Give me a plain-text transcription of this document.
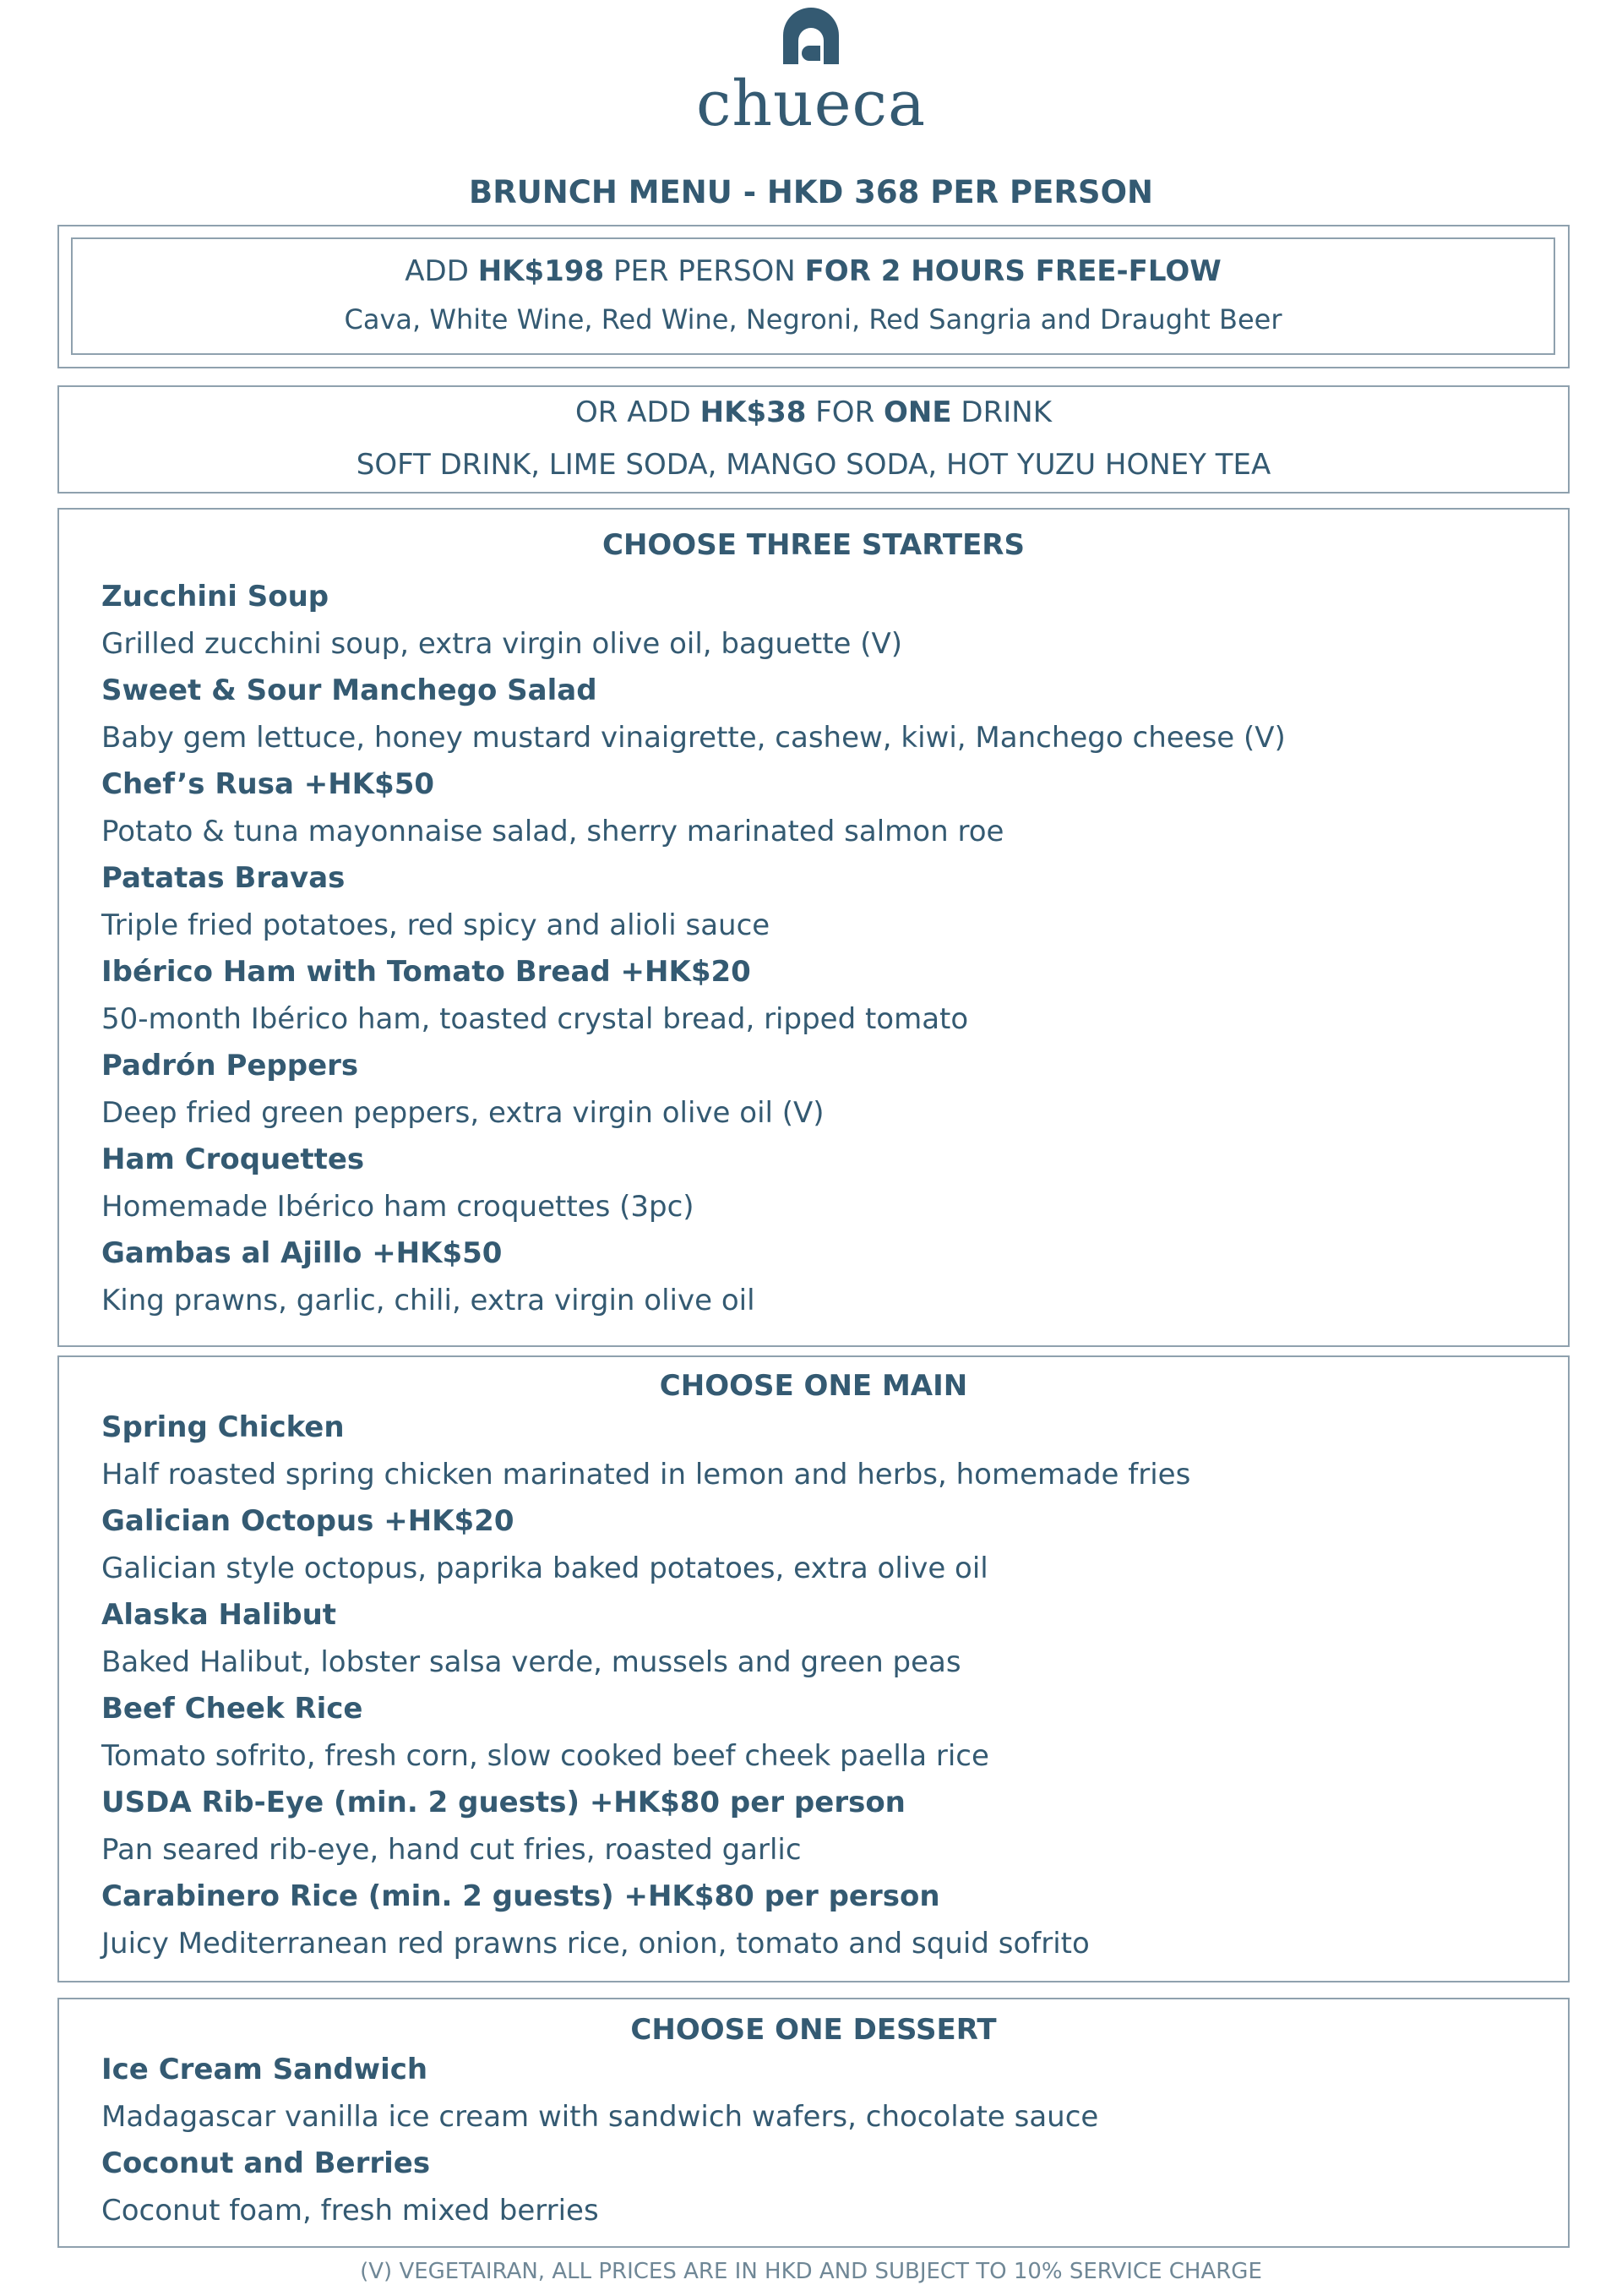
chueca
BRUNCH MENU - HKD 368 PER PERSON
ADD HK$198 PER PERSON FOR 2 HOURS FREE-FLOW
Cava, White Wine, Red Wine, Negroni, Red Sangria and Draught Beer
OR ADD HK$38 FOR ONE DRINK
SOFT DRINK, LIME SODA, MANGO SODA, HOT YUZU HONEY TEA
CHOOSE THREE STARTERS
Zucchini Soup
Grilled zucchini soup, extra virgin olive oil, baguette (V)
Sweet & Sour Manchego Salad
Baby gem lettuce, honey mustard vinaigrette, cashew, kiwi, Manchego cheese (V)
Chef’s Rusa +HK$50
Potato & tuna mayonnaise salad, sherry marinated salmon roe
Patatas Bravas
Triple fried potatoes, red spicy and alioli sauce
Ibérico Ham with Tomato Bread +HK$20
50-month Ibérico ham, toasted crystal bread, ripped tomato
Padrón Peppers
Deep fried green peppers, extra virgin olive oil (V)
Ham Croquettes
Homemade Ibérico ham croquettes (3pc)
Gambas al Ajillo +HK$50
King prawns, garlic, chili, extra virgin olive oil
CHOOSE ONE MAIN
Spring Chicken
Half roasted spring chicken marinated in lemon and herbs, homemade fries
Galician Octopus +HK$20
Galician style octopus, paprika baked potatoes, extra olive oil
Alaska Halibut
Baked Halibut, lobster salsa verde, mussels and green peas
Beef Cheek Rice
Tomato sofrito, fresh corn, slow cooked beef cheek paella rice
USDA Rib-Eye (min. 2 guests) +HK$80 per person
Pan seared rib-eye, hand cut fries, roasted garlic
Carabinero Rice (min. 2 guests) +HK$80 per person
Juicy Mediterranean red prawns rice, onion, tomato and squid sofrito
CHOOSE ONE DESSERT
Ice Cream Sandwich
Madagascar vanilla ice cream with sandwich wafers, chocolate sauce
Coconut and Berries
Coconut foam, fresh mixed berries
(V) VEGETAIRAN, ALL PRICES ARE IN HKD AND SUBJECT TO 10% SERVICE CHARGE
